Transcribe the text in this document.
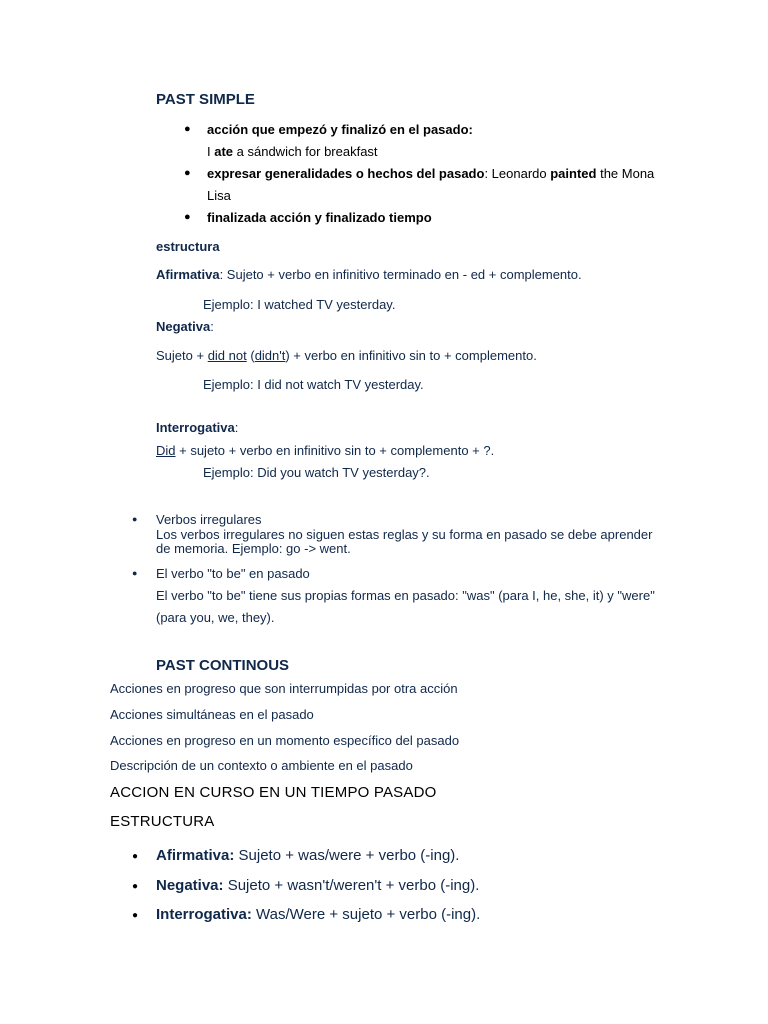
PAST SIMPLE
● acción que empezó y finalizó en el pasado:
I ate a sándwich for breakfast
● expresar generalidades o hechos del pasado: Leonardo painted the Mona
Lisa
● finalizada acción y finalizado tiempo
estructura
Afirmativa: Sujeto + verbo en infinitivo terminado en - ed + complemento.
Ejemplo: I watched TV yesterday.
Negativa:
Sujeto + did not (didn't) + verbo en infinitivo sin to + complemento.
Ejemplo: I did not watch TV yesterday.
Interrogativa:
Did + sujeto + verbo en infinitivo sin to + complemento + ?.
Ejemplo: Did you watch TV yesterday?.
● Verbos irregulares
Los verbos irregulares no siguen estas reglas y su forma en pasado se debe aprender
de memoria. Ejemplo: go -> went.
● El verbo "to be" en pasado
El verbo "to be" tiene sus propias formas en pasado: "was" (para I, he, she, it) y "were"
(para you, we, they).
PAST CONTINOUS
Acciones en progreso que son interrumpidas por otra acción
Acciones simultáneas en el pasado
Acciones en progreso en un momento específico del pasado
Descripción de un contexto o ambiente en el pasado
ACCION EN CURSO EN UN TIEMPO PASADO
ESTRUCTURA
● Afirmativa: Sujeto + was/were + verbo (-ing).
● Negativa: Sujeto + wasn't/weren't + verbo (-ing).
● Interrogativa: Was/Were + sujeto + verbo (-ing).
